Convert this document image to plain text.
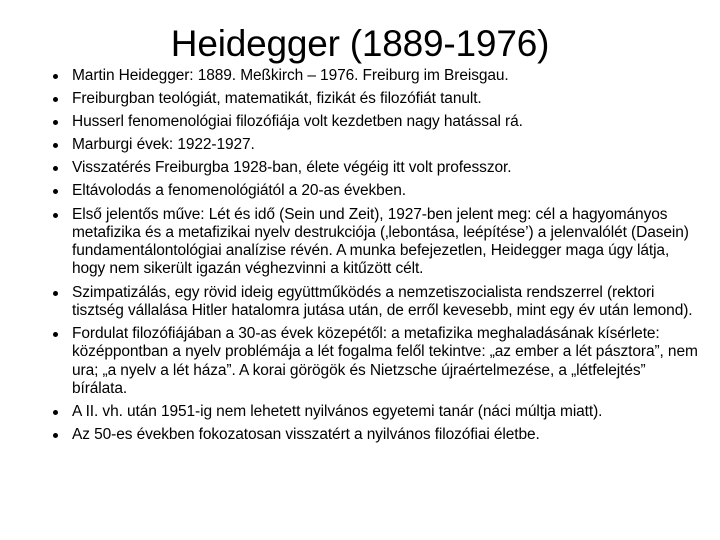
Heidegger (1889-1976)
Martin Heidegger: 1889. Meßkirch – 1976. Freiburg im Breisgau.
Freiburgban teológiát, matematikát, fizikát és filozófiát tanult.
Husserl fenomenológiai filozófiája volt kezdetben nagy hatással rá.
Marburgi évek: 1922-1927.
Visszatérés Freiburgba 1928-ban, élete végéig itt volt professzor.
Eltávolodás a fenomenológiától a 20-as években.
Első jelentős műve: Lét és idő (Sein und Zeit), 1927-ben jelent meg: cél a hagyományos metafizika és a metafizikai nyelv destrukciója (‚lebontása, leépítése’) a jelenvalólét (Dasein) fundamentálontológiai analízise révén. A munka befejezetlen, Heidegger maga úgy látja, hogy nem sikerült igazán véghezvinni a kitűzött célt.
Szimpatizálás, egy rövid ideig együttműködés a nemzetiszocialista rendszerrel (rektori tisztség vállalása Hitler hatalomra jutása után, de erről kevesebb, mint egy év után lemond).
Fordulat filozófiájában a 30-as évek közepétől: a metafizika meghaladásának kísérlete: középpontban a nyelv problémája a lét fogalma felől tekintve: „az ember a lét pásztora”, nem ura; „a nyelv a lét háza”. A korai görögök és Nietzsche újraértelmezése, a „létfelejtés” bírálata.
A II. vh. után 1951-ig nem lehetett nyilvános egyetemi tanár (náci múltja miatt).
Az 50-es években fokozatosan visszatért a nyilvános filozófiai életbe.
